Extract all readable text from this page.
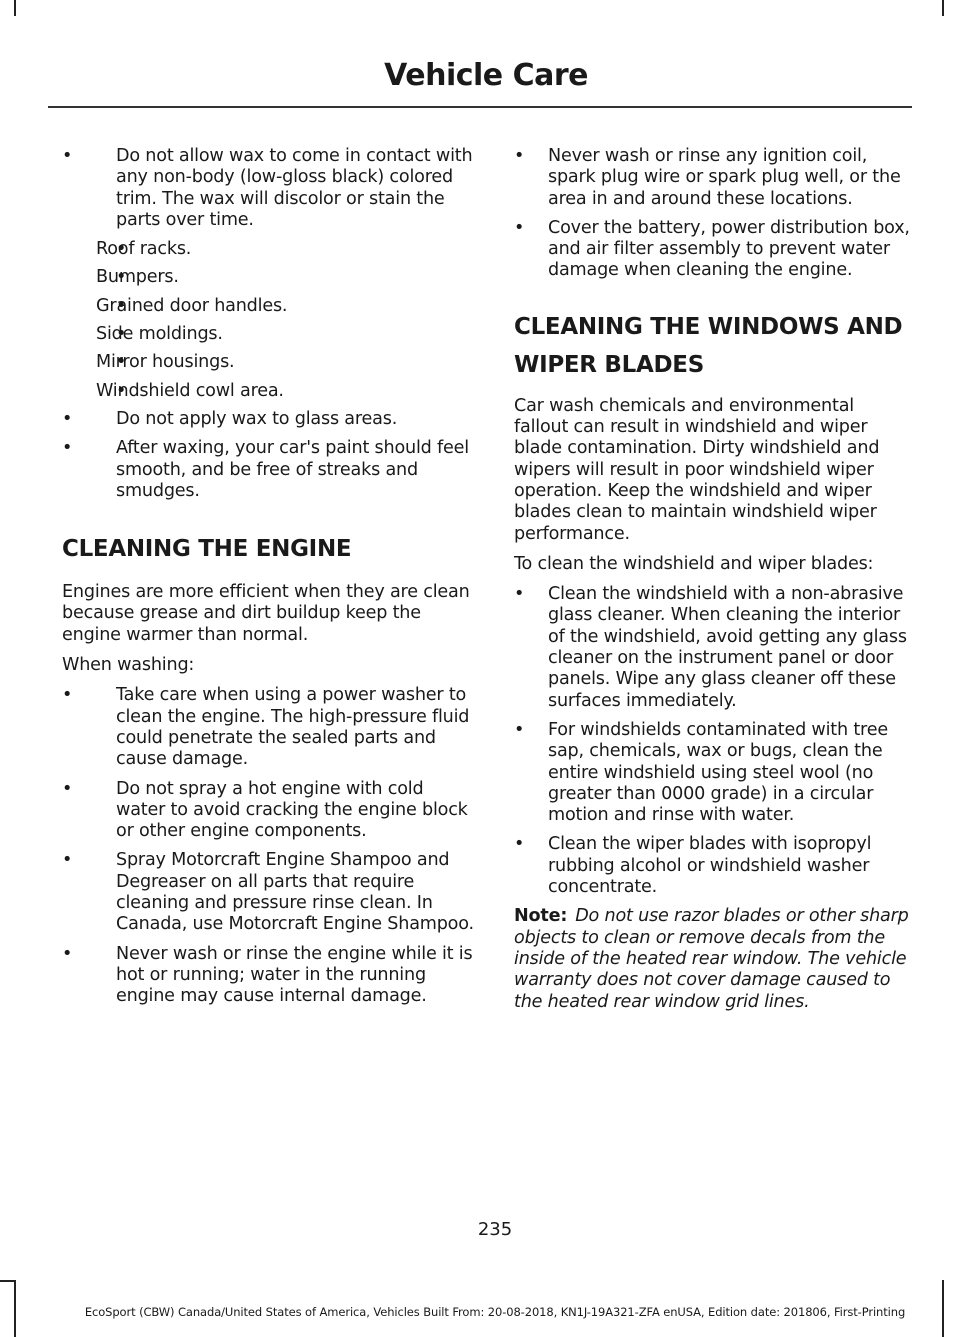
Vehicle Care

• Do not allow wax to come in contact with any non-body (low-gloss black) colored trim. The wax will discolor or stain the parts over time.

• Roof racks.

• Bumpers.

• Grained door handles.

• Side moldings.

• Mirror housings.

• Windshield cowl area.

• Do not apply wax to glass areas.

• After waxing, your car's paint should feel smooth, and be free of streaks and smudges.

CLEANING THE ENGINE

Engines are more efficient when they are clean because grease and dirt buildup keep the engine warmer than normal.

When washing:

• Take care when using a power washer to clean the engine. The high-pressure fluid could penetrate the sealed parts and cause damage.

• Do not spray a hot engine with cold water to avoid cracking the engine block or other engine components.

• Spray Motorcraft Engine Shampoo and Degreaser on all parts that require cleaning and pressure rinse clean. In Canada, use Motorcraft Engine Shampoo.

• Never wash or rinse the engine while it is hot or running; water in the running engine may cause internal damage.

• Never wash or rinse any ignition coil, spark plug wire or spark plug well, or the area in and around these locations.

• Cover the battery, power distribution box, and air filter assembly to prevent water damage when cleaning the engine.

CLEANING THE WINDOWS AND
WIPER BLADES

Car wash chemicals and environmental fallout can result in windshield and wiper blade contamination. Dirty windshield and wipers will result in poor windshield wiper operation. Keep the windshield and wiper blades clean to maintain windshield wiper performance.

To clean the windshield and wiper blades:

• Clean the windshield with a non-abrasive glass cleaner. When cleaning the interior of the windshield, avoid getting any glass cleaner on the instrument panel or door panels. Wipe any glass cleaner off these surfaces immediately.

• For windshields contaminated with tree sap, chemicals, wax or bugs, clean the entire windshield using steel wool (no greater than 0000 grade) in a circular motion and rinse with water.

• Clean the wiper blades with isopropyl rubbing alcohol or windshield washer concentrate.

Note: Do not use razor blades or other sharp objects to clean or remove decals from the inside of the heated rear window. The vehicle warranty does not cover damage caused to the heated rear window grid lines.

235
EcoSport (CBW) Canada/United States of America, Vehicles Built From: 20-08-2018, KN1J-19A321-ZFA enUSA, Edition date: 201806, First-Printing
